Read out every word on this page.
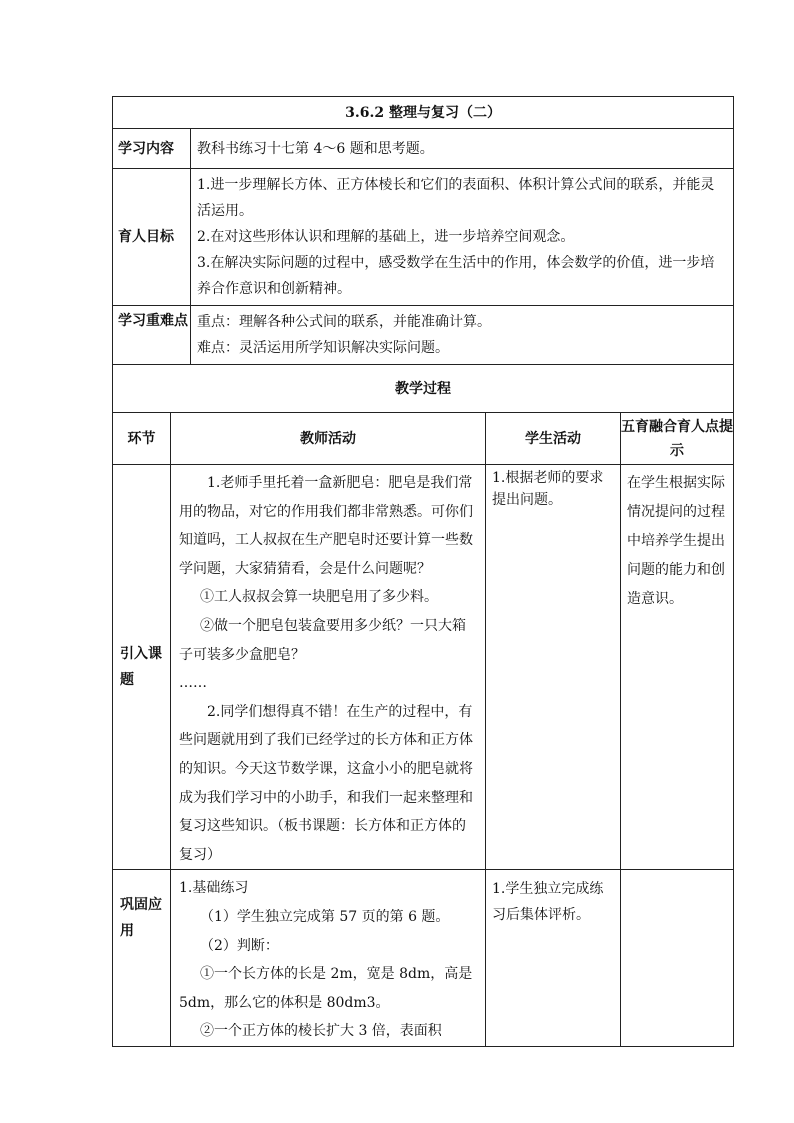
3.6.2 整理与复习（二）				
学习内容		教科书练习十七第 4～6 题和思考题。		
育人目标		1.进一步理解长方体、正方体棱长和它们的表面积、体积计算公式间的联系，并能灵活运用。

2.在对这些形体认识和理解的基础上，进一步培养空间观念。

3.在解决实际问题的过程中，感受数学在生活中的作用，体会数学的价值，进一步培养合作意识和创新精神。		

学习重难点		重点：理解各种公式间的联系，并能准确计算。

难点：灵活运用所学知识解决实际问题。		

教学过程				
环节	教师活动		学生活动	五育融合育人点提示
引入课题	1.老师手里托着一盒新肥皂：肥皂是我们常用的物品，对它的作用我们都非常熟悉。可你们知道吗，工人叔叔在生产肥皂时还要计算一些数学问题，大家猜猜看，会是什么问题呢？

①工人叔叔会算一块肥皂用了多少料。

②做一个肥皂包装盒要用多少纸？一只大箱子可装多少盒肥皂？

……

2.同学们想得真不错！在生产的过程中，有些问题就用到了我们已经学过的长方体和正方体的知识。今天这节数学课，这盒小小的肥皂就将成为我们学习中的小助手，和我们一起来整理和复习这些知识。（板书课题：长方体和正方体的复习）		1.根据老师的要求提出问题。	在学生根据实际情况提问的过程中培养学生提出问题的能力和创造意识。
巩固应用	1.基础练习

（1）学生独立完成第 57 页的第 6 题。

（2）判断：

①一个长方体的长是 2m，宽是 8dm，高是 5dm，那么它的体积是 80dm3。

②一个正方体的棱长扩大 3 倍，表面积		1.学生独立完成练习后集体评析。	
